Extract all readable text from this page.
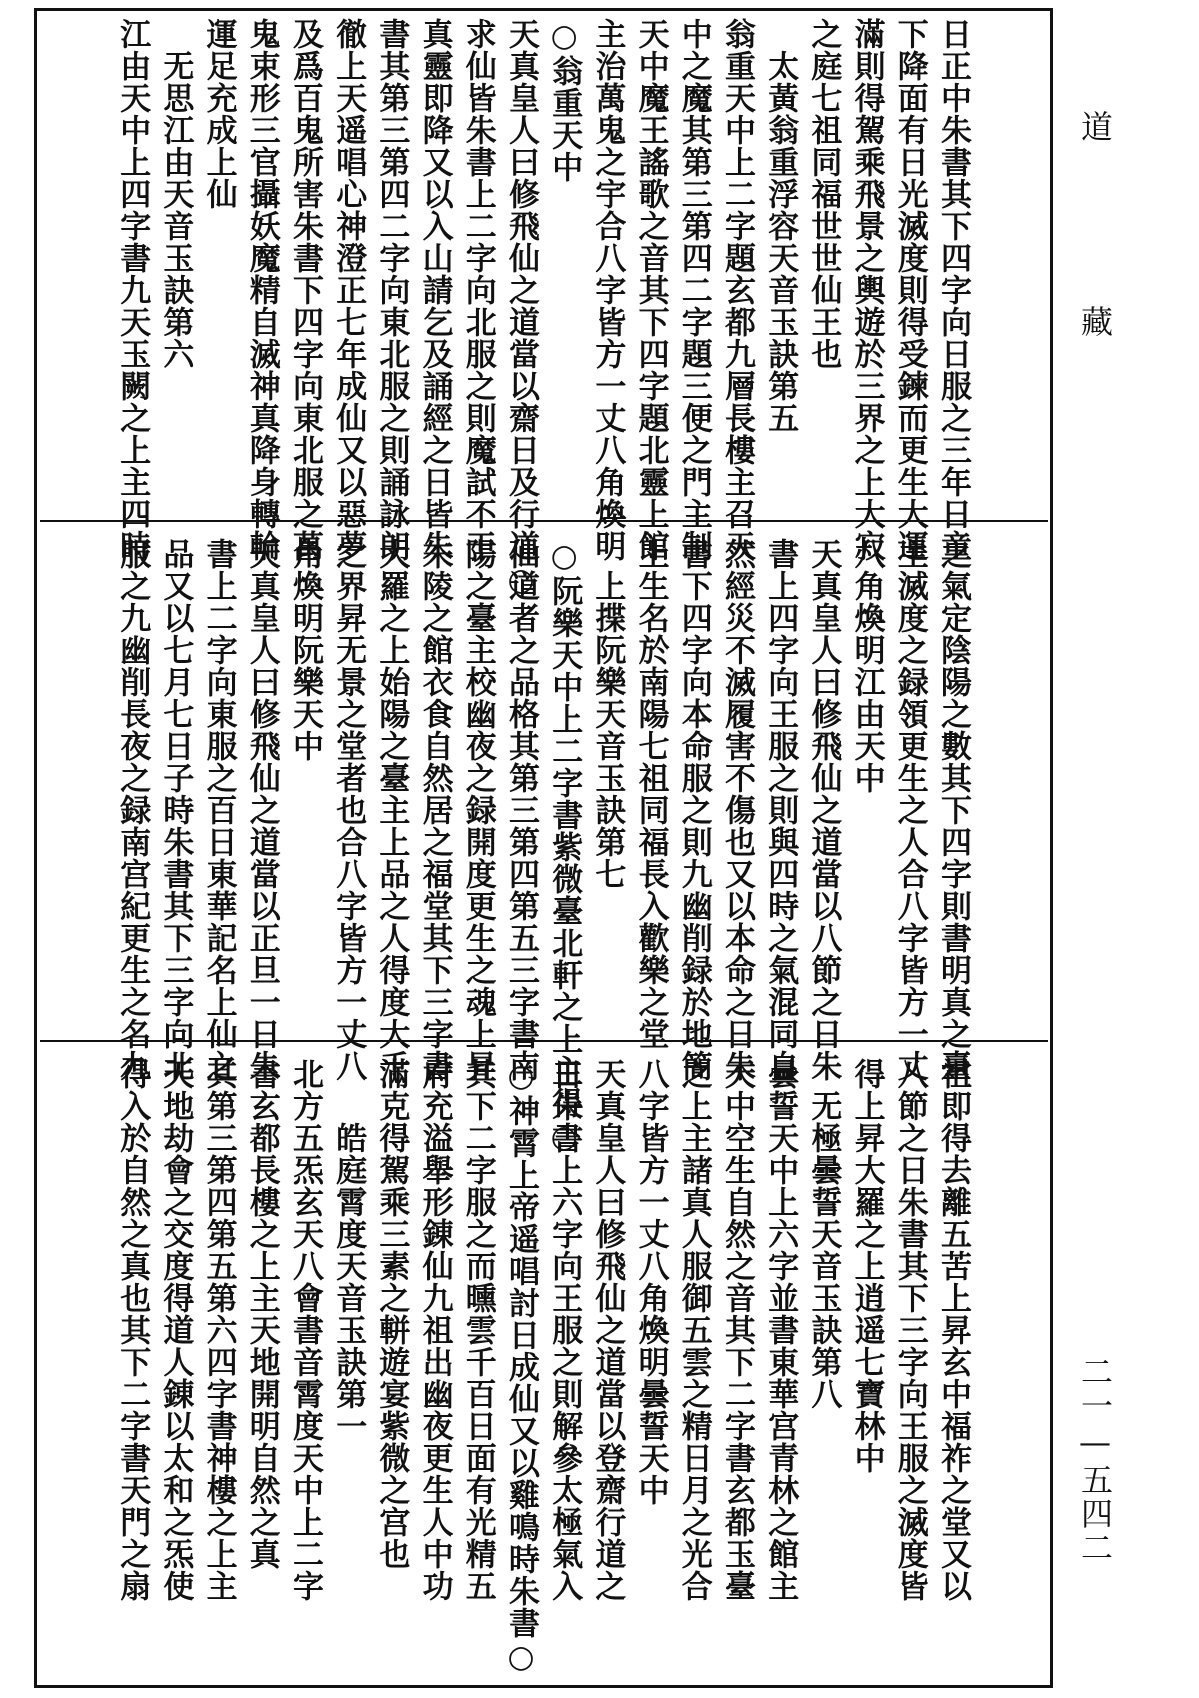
道
藏
二一—五四二
日正中朱書其下四字向日服之三年日童
下降面有日光滅度則得受鍊而更生大運
滿則得駕乘飛景之輿遊於三界之上大寂
之庭七祖同福世世仙王也
　太黃翁重浮容天音玉訣第五
翁重天中上二字題玄都九層長樓主召天
中之魔其第三第四二字題三便之門主制
天中魔王謠歌之音其下四字題北靈上館
主治萬鬼之宇合八字皆方一丈八角煥明
○翁重天中
天真皇人曰修飛仙之道當以齋日及行道○
求仙皆朱書上二字向北服之則魔試不干
真靈即降又以入山請乞及誦經之日皆朱
書其第三第四二字向東北服之則誦詠朗
徹上天遥唱心神澄正七年成仙又以惡夢
及爲百鬼所害朱書下四字向東北服之萬
鬼束形三官攝妖魔精自滅神真降身轉輪
運足充成上仙
　无思江由天音玉訣第六
江由天中上四字書九天玉闕之上主四時
之氣定陰陽之數其下四字則書明真之臺
主滅度之録領更生之人合八字皆方一丈
八角煥明江由天中
天真皇人曰修飛仙之道當以八節之日朱
書上四字向王服之則與四時之氣混同自
然經災不滅履害不傷也又以本命之日朱
書下四字向本命服之則九幽削録於地簡
上生名於南陽七祖同福長入歡樂之堂
　上揲阮樂天音玉訣第七
○阮樂天中上二字書紫微臺北軒之上主得○
仙道者之品格其第三第四第五三字書南
陽之臺主校幽夜之録開度更生之魂上昇
朱陵之館衣食自然居之福堂其下三字書
大羅之上始陽之臺主上品之人得度大千
之界昇无景之堂者也合八字皆方一丈八
角煥明阮樂天中
天真皇人曰修飛仙之道當以正旦一日朱
書上二字向東服之百日東華記名上仙之
品又以七月七日子時朱書其下三字向北
服之九幽削長夜之録南宫紀更生之名九
祖即得去離五苦上昇玄中福祚之堂又以
八節之日朱書其下三字向王服之滅度皆
得上昇大羅之上逍遥七寶林中
　无極曇誓天音玉訣第八
曇誓天中上六字並書東華宫青林之館主
天中空生自然之音其下二字書玄都玉臺
之上主諸真人服御五雲之精日月之光合
八字皆方一丈八角煥明曇誓天中
天真皇人曰修飛仙之道當以登齋行道之
日朱書上六字向王服之則解參太極氣入
○神霄上帝遥唱討日成仙又以雞鳴時朱書○
其下二字服之而曛雲千百日面有光精五
府充溢舉形錬仙九祖出幽夜更生人中功
滿克得駕乘三素之軿遊宴紫微之宫也
　　皓庭霄度天音玉訣第一
北方五炁玄天八會書音霄度天中上二字
書玄都長樓之上主天地開明自然之真
其第三第四第五第六四字書神樓之上主
天地劫會之交度得道人錬以太和之炁使
得入於自然之真也其下二字書天門之扇
